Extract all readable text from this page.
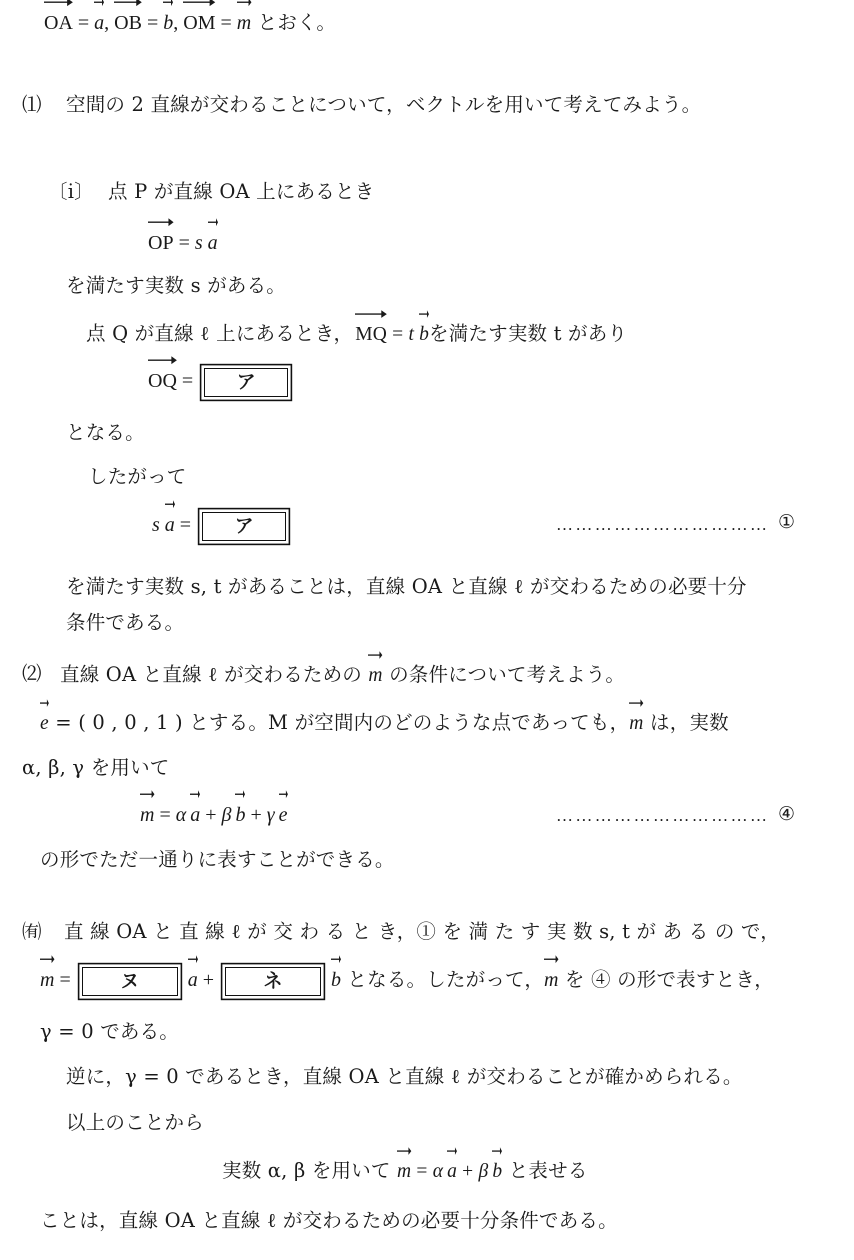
OA =
a,
OB =
b,
OM =
m とおく。
⑴ 空間の 2 直線が交わることについて，ベクトルを用いて考えてみよう。
〔i〕 点 P が直線 OA 上にあるとき
OP = s a
を満たす実数 s がある。
点 Q が直線 ℓ 上にあるとき， MQ = t bを満たす実数 t があり
OQ = ア
となる。
したがって
s a = ア	…………………………… ①
を満たす実数 s, t があることは，直線 OA と直線 ℓ が交わるための必要十分
条件である。
⑵ 直線 OA と直線 ℓ が交わるための
m の条件について考えよう。
e = ( 0 , 0 , 1 ) とする。M が空間内のどのような点であっても，
m は，実数
α, β, γ を用いて
m = α a + β b + γ e	…………………………… ④
の形でただ一通りに表すことができる。
㈲ 直 線 OA と 直 線 ℓ が 交 わ る と き，① を 満 た す 実 数 s, t が あ る の で，
m = ヌ a + ネ b となる。したがって，
m を ④ の形で表すとき，
γ = 0 である。
逆に，γ = 0 であるとき，直線 OA と直線 ℓ が交わることが確かめられる。
以上のことから
実数 α, β を用いて
m = α a + β b と表せる
ことは，直線 OA と直線 ℓ が交わるための必要十分条件である。
